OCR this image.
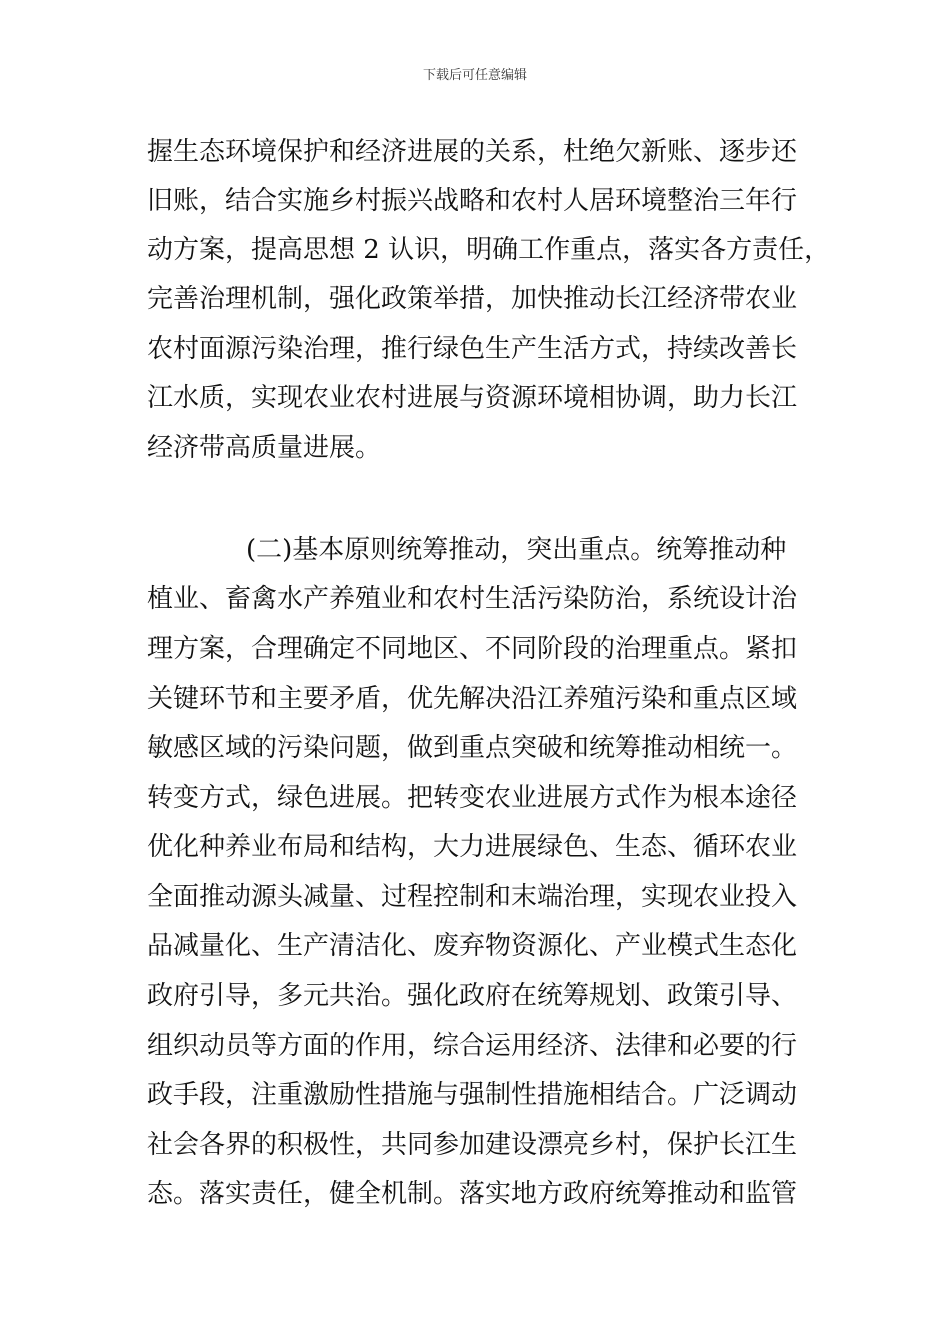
下载后可任意编辑
握生态环境保护和经济进展的关系，杜绝欠新账、逐步还
旧账，结合实施乡村振兴战略和农村人居环境整治三年行
动方案，提高思想 2 认识，明确工作重点，落实各方责任，
完善治理机制，强化政策举措，加快推动长江经济带农业
农村面源污染治理，推行绿色生产生活方式，持续改善长
江水质，实现农业农村进展与资源环境相协调，助力长江
经济带高质量进展。
(二)基本原则统筹推动，突出重点。统筹推动种
植业、畜禽水产养殖业和农村生活污染防治，系统设计治
理方案，合理确定不同地区、不同阶段的治理重点。紧扣
关键环节和主要矛盾，优先解决沿江养殖污染和重点区域
敏感区域的污染问题，做到重点突破和统筹推动相统一。
转变方式，绿色进展。把转变农业进展方式作为根本途径
优化种养业布局和结构，大力进展绿色、生态、循环农业
全面推动源头减量、过程控制和末端治理，实现农业投入
品减量化、生产清洁化、废弃物资源化、产业模式生态化
政府引导，多元共治。强化政府在统筹规划、政策引导、
组织动员等方面的作用，综合运用经济、法律和必要的行
政手段，注重激励性措施与强制性措施相结合。广泛调动
社会各界的积极性，共同参加建设漂亮乡村，保护长江生
态。落实责任，健全机制。落实地方政府统筹推动和监管
